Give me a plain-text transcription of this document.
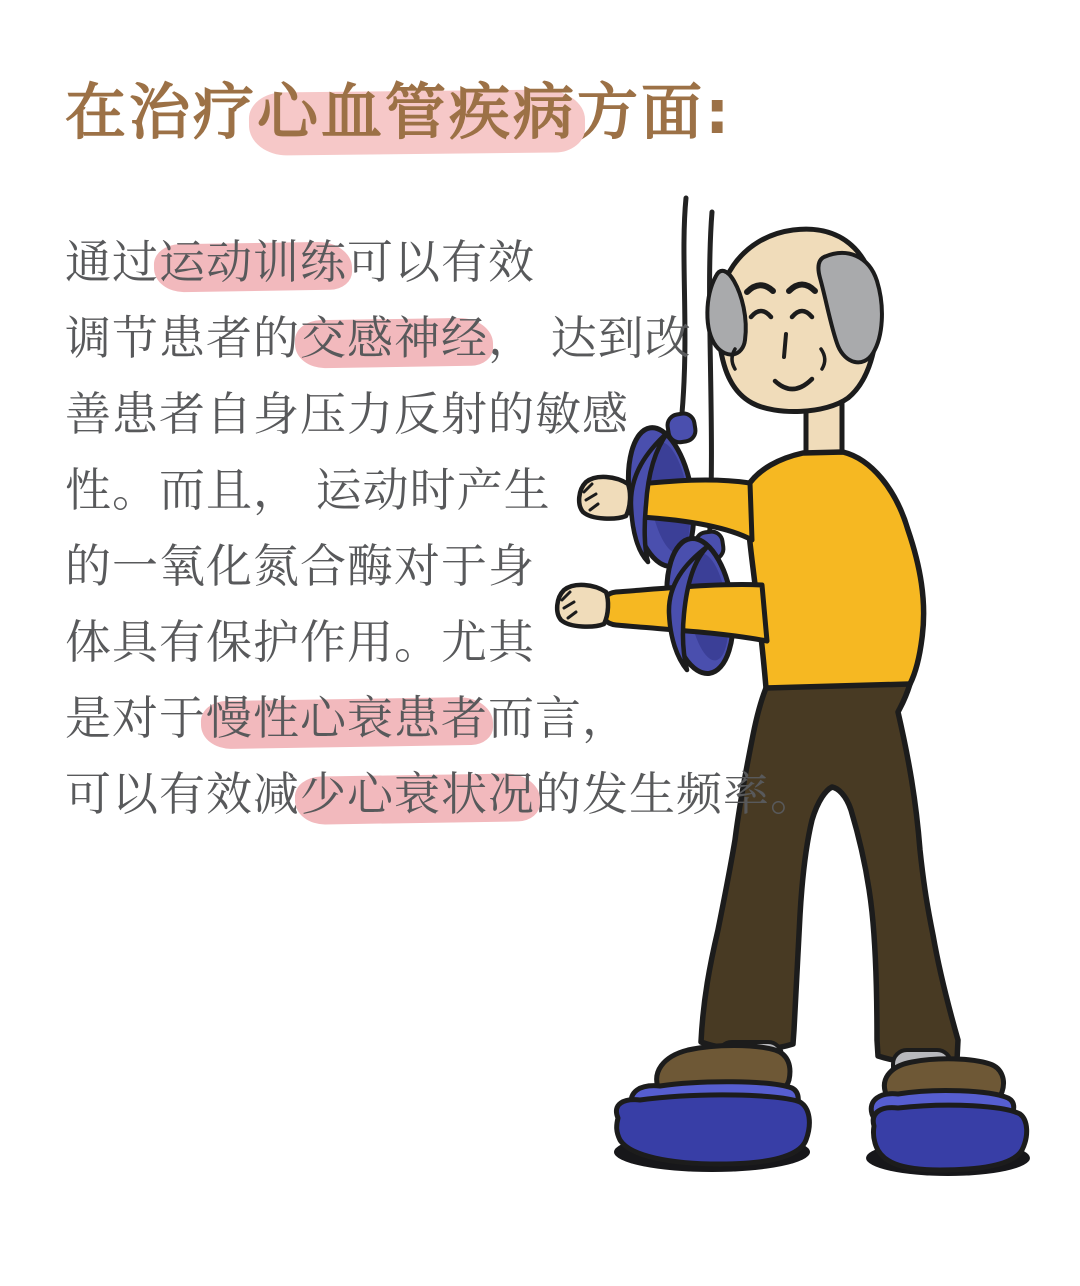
在治疗心血管疾病方面:
通过运动训练可以有效
调节患者的交感神经， 达到改
善患者自身压力反射的敏感
性。而且， 运动时产生
的一氧化氮合酶对于身
体具有保护作用。尤其
是对于慢性心衰患者而言，
可以有效减少心衰状况的发生频率。
